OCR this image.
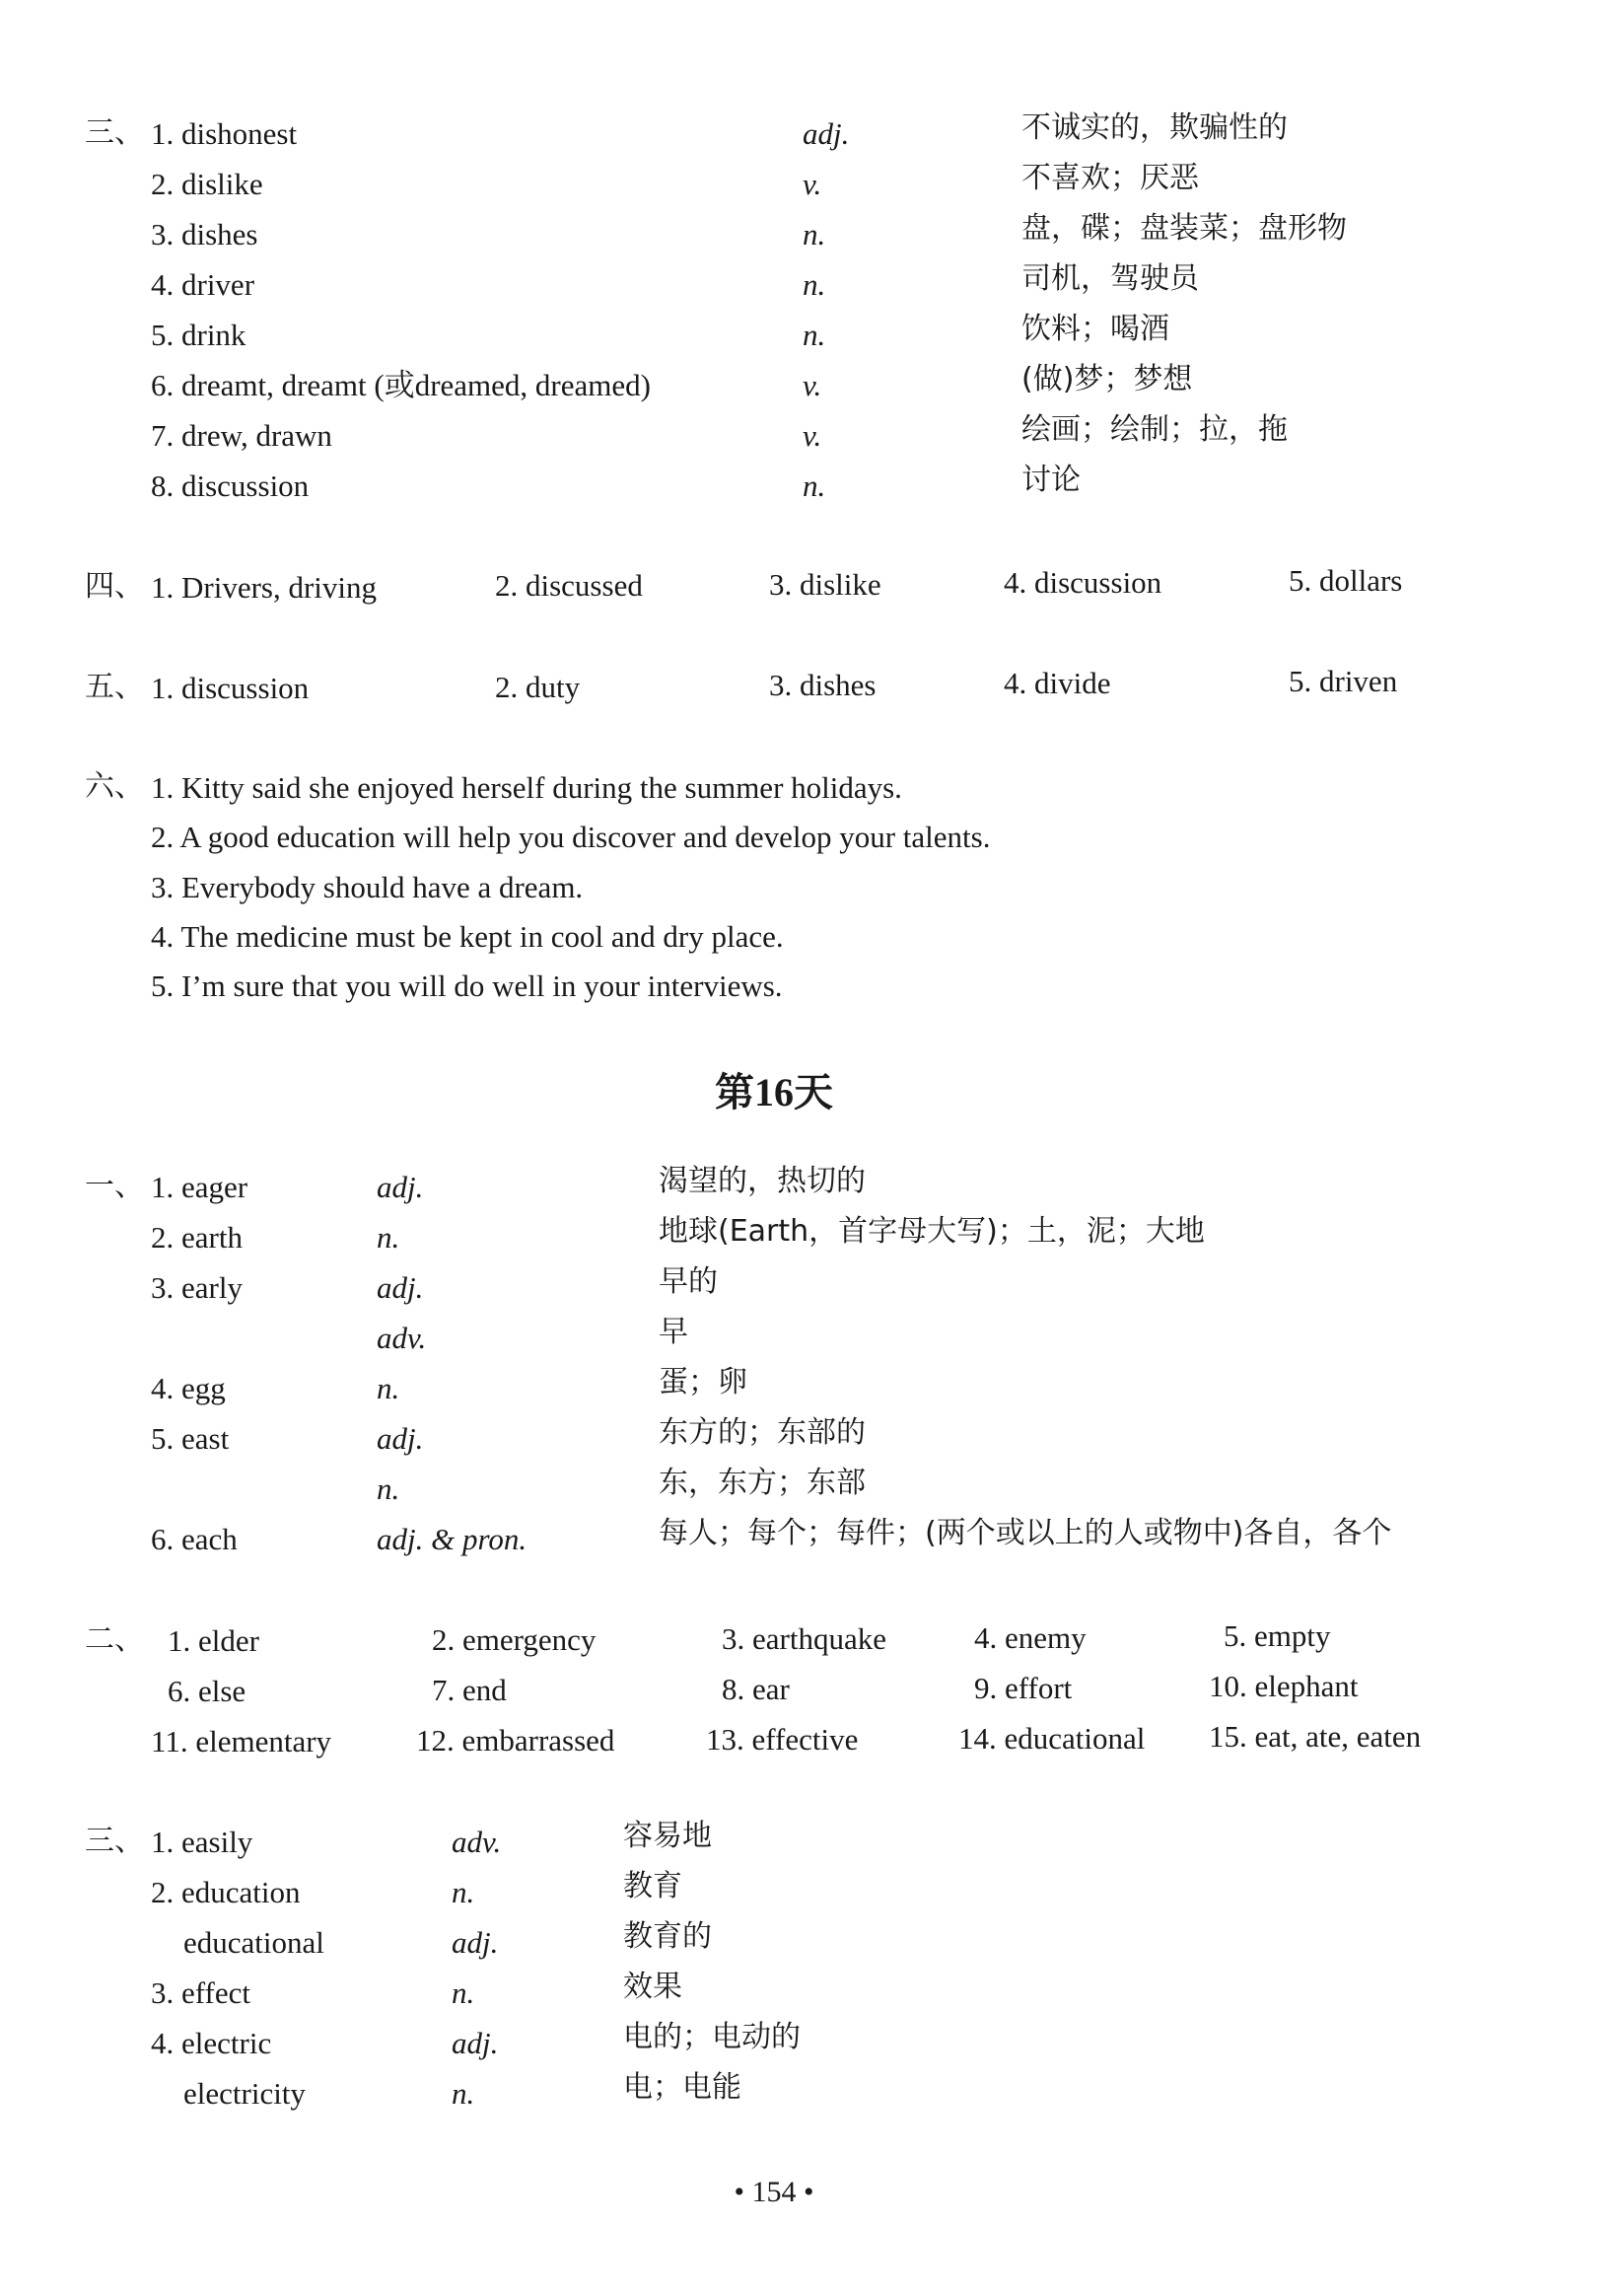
三、 1. dishonest	adj.	不诚实的，欺骗性的
2. dislike	v.	不喜欢；厌恶
3. dishes	n.	盘，碟；盘装菜；盘形物
4. driver	n.	司机，驾驶员
5. drink	n.	饮料；喝酒
6. dreamt, dreamt (或dreamed, dreamed)	v.	(做)梦；梦想
7. drew, drawn	v.	绘画；绘制；拉，拖
8. discussion	n.	讨论
四、 1. Drivers, driving	2. discussed	3. dislike	4. discussion	5. dollars
五、 1. discussion	2. duty	3. dishes	4. divide	5. driven
六、 1. Kitty said she enjoyed herself during the summer holidays.
2. A good education will help you discover and develop your talents.
3. Everybody should have a dream.
4. The medicine must be kept in cool and dry place.
5. I’m sure that you will do well in your interviews.
第16天
一、 1. eager	adj.	渴望的，热切的
2. earth	n.	地球(Earth，首字母大写)；土，泥；大地
3. early	adj.	早的
adv.	早
4. egg	n.	蛋；卵
5. east	adj.	东方的；东部的
n.	东，东方；东部
6. each	adj. & pron.	每人；每个；每件；(两个或以上的人或物中)各自，各个
二、 1. elder	2. emergency	3. earthquake	4. enemy	5. empty
6. else	7. end	8. ear	9. effort	10. elephant
11. elementary	12. embarrassed	13. effective	14. educational 15. eat, ate, eaten
三、 1. easily	adv.	容易地
2. education	n.	教育
educational	adj.	教育的
3. effect	n.	效果
4. electric	adj.	电的；电动的
electricity	n.	电；电能
• 154 •
